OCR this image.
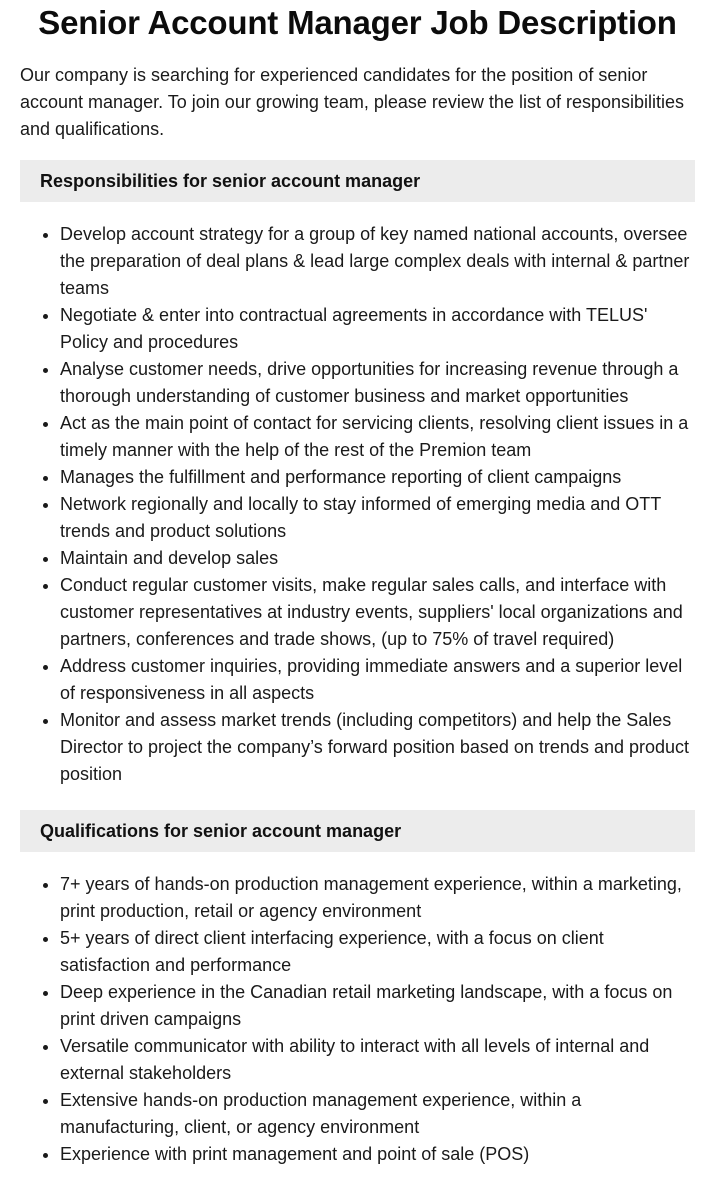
Senior Account Manager Job Description

Our company is searching for experienced candidates for the position of senior account manager. To join our growing team, please review the list of responsibilities and qualifications.

Responsibilities for senior account manager
• Develop account strategy for a group of key named national accounts, oversee the preparation of deal plans & lead large complex deals with internal & partner teams
• Negotiate & enter into contractual agreements in accordance with TELUS' Policy and procedures
• Analyse customer needs, drive opportunities for increasing revenue through a thorough understanding of customer business and market opportunities
• Act as the main point of contact for servicing clients, resolving client issues in a timely manner with the help of the rest of the Premion team
• Manages the fulfillment and performance reporting of client campaigns
• Network regionally and locally to stay informed of emerging media and OTT trends and product solutions
• Maintain and develop sales
• Conduct regular customer visits, make regular sales calls, and interface with customer representatives at industry events, suppliers' local organizations and partners, conferences and trade shows, (up to 75% of travel required)
• Address customer inquiries, providing immediate answers and a superior level of responsiveness in all aspects
• Monitor and assess market trends (including competitors) and help the Sales Director to project the company’s forward position based on trends and product position
Qualifications for senior account manager
• 7+ years of hands-on production management experience, within a marketing, print production, retail or agency environment
• 5+ years of direct client interfacing experience, with a focus on client satisfaction and performance
• Deep experience in the Canadian retail marketing landscape, with a focus on print driven campaigns
• Versatile communicator with ability to interact with all levels of internal and external stakeholders
• Extensive hands-on production management experience, within a manufacturing, client, or agency environment
• Experience with print management and point of sale (POS)
